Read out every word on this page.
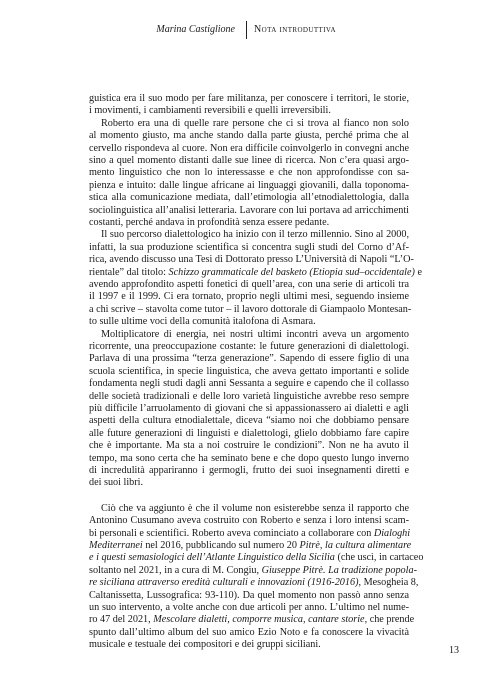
Marina Castiglione Nota introduttiva
guistica era il suo modo per fare militanza, per conoscere i territori, le storie,
i movimenti, i cambiamenti reversibili e quelli irreversibili.
Roberto era una di quelle rare persone che ci si trova al fianco non solo
al momento giusto, ma anche stando dalla parte giusta, perché prima che al
cervello rispondeva al cuore. Non era difficile coinvolgerlo in convegni anche
sino a quel momento distanti dalle sue linee di ricerca. Non c’era quasi argo-
mento linguistico che non lo interessasse e che non approfondisse con sa-
pienza e intuito: dalle lingue africane ai linguaggi giovanili, dalla toponoma-
stica alla comunicazione mediata, dall’etimologia all’etnodialettologia, dalla
sociolinguistica all’analisi letteraria. Lavorare con lui portava ad arricchimenti
costanti, perché andava in profondità senza essere pedante.
Il suo percorso dialettologico ha inizio con il terzo millennio. Sino al 2000,
infatti, la sua produzione scientifica si concentra sugli studi del Corno d’Af-
rica, avendo discusso una Tesi di Dottorato presso L’Università di Napoli “L’O-
rientale” dal titolo: Schizzo grammaticale del basketo (Etiopia sud–occidentale) e
avendo approfondito aspetti fonetici di quell’area, con una serie di articoli tra
il 1997 e il 1999. Ci era tornato, proprio negli ultimi mesi, seguendo insieme
a chi scrive – stavolta come tutor – il lavoro dottorale di Giampaolo Montesan-
to sulle ultime voci della comunità italofona di Asmara.
Moltiplicatore di energia, nei nostri ultimi incontri aveva un argomento
ricorrente, una preoccupazione costante: le future generazioni di dialettologi.
Parlava di una prossima “terza generazione”. Sapendo di essere figlio di una
scuola scientifica, in specie linguistica, che aveva gettato importanti e solide
fondamenta negli studi dagli anni Sessanta a seguire e capendo che il collasso
delle società tradizionali e delle loro varietà linguistiche avrebbe reso sempre
più difficile l’arruolamento di giovani che si appassionassero ai dialetti e agli
aspetti della cultura etnodialettale, diceva “siamo noi che dobbiamo pensare
alle future generazioni di linguisti e dialettologi, glielo dobbiamo fare capire
che è importante. Ma sta a noi costruire le condizioni”. Non ne ha avuto il
tempo, ma sono certa che ha seminato bene e che dopo questo lungo inverno
di incredulità appariranno i germogli, frutto dei suoi insegnamenti diretti e
dei suoi libri.
Ciò che va aggiunto è che il volume non esisterebbe senza il rapporto che
Antonino Cusumano aveva costruito con Roberto e senza i loro intensi scam-
bi personali e scientifici. Roberto aveva cominciato a collaborare con Dialoghi
Mediterranei nel 2016, pubblicando sul numero 20 Pitrè, la cultura alimentare
e i questi semasiologici dell’Atlante Linguistico della Sicilia (che uscì, in cartaceo
soltanto nel 2021, in a cura di M. Congiu, Giuseppe Pitrè. La tradizione popola-
re siciliana attraverso eredità culturali e innovazioni (1916-2016), Mesogheia 8,
Caltanissetta, Lussografica: 93-110). Da quel momento non passò anno senza
un suo intervento, a volte anche con due articoli per anno. L’ultimo nel nume-
ro 47 del 2021, Mescolare dialetti, comporre musica, cantare storie, che prende
spunto dall’ultimo album del suo amico Ezio Noto e fa conoscere la vivacità
musicale e testuale dei compositori e dei gruppi siciliani.
13
